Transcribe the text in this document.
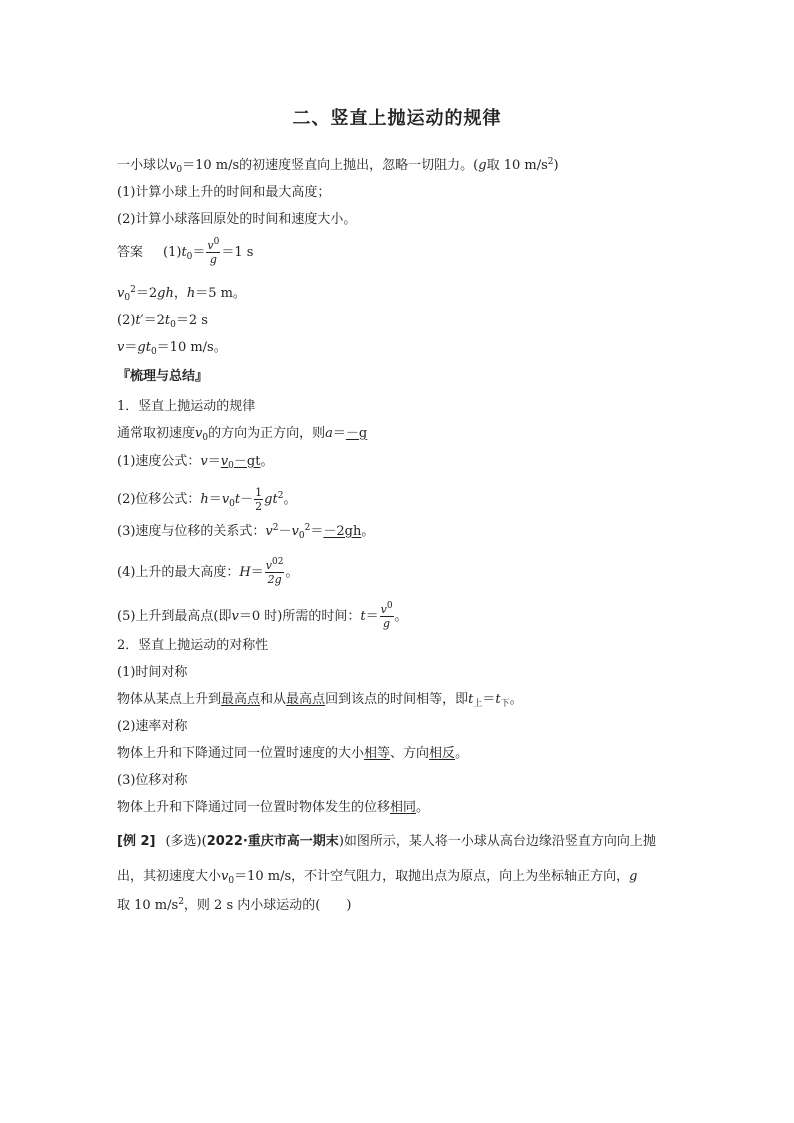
二、竖直上抛运动的规律
一小球以$v_0=10$ m/s的初速度竖直向上抛出，忽略一切阻力。(g取 10 $m/s^2$)
(1)计算小球上升的时间和最大高度；
(2)计算小球落回原处的时间和速度大小。
答案 $(1)t_0= \frac{v^0}{g} =1$ s
$v_0^2=2gh$，h＝5 m。
$(2)t'=2t_0=2$ s
$v=gt_0=10$ m/s。
『梳理与总结』
1．竖直上抛运动的规律
通常取初速度$v_0$的方向为正方向，则a＝－g
(1)速度公式：$v=v_0-gt$。
(2)位移公式：$h=v_0t- \frac{1}{2} gt^2$。
(3)速度与位移的关系式：$v^2-v_0^2=-2gh$。
(4)上升的最大高度：$H= \frac{v^{02}}{2g}$ 。
(5)上升到最高点(即v＝0 时)所需的时间：$t= \frac{v^0}{g}$ 。
2．竖直上抛运动的对称性
(1)时间对称
物体从某点上升到最高点和从最高点回到该点的时间相等，即$t_上=t_下$。
(2)速率对称
物体上升和下降通过同一位置时速度的大小相等、方向相反。
(3)位移对称
物体上升和下降通过同一位置时物体发生的位移相同。
[例 2] (多选)(2022·重庆市高一期末)如图所示，某人将一小球从高台边缘沿竖直方向向上抛
出，其初速度大小$v_0=10$ m/s，不计空气阻力，取抛出点为原点，向上为坐标轴正方向，g
取 10 $m/s^2$，则 2 s 内小球运动的(　　)
